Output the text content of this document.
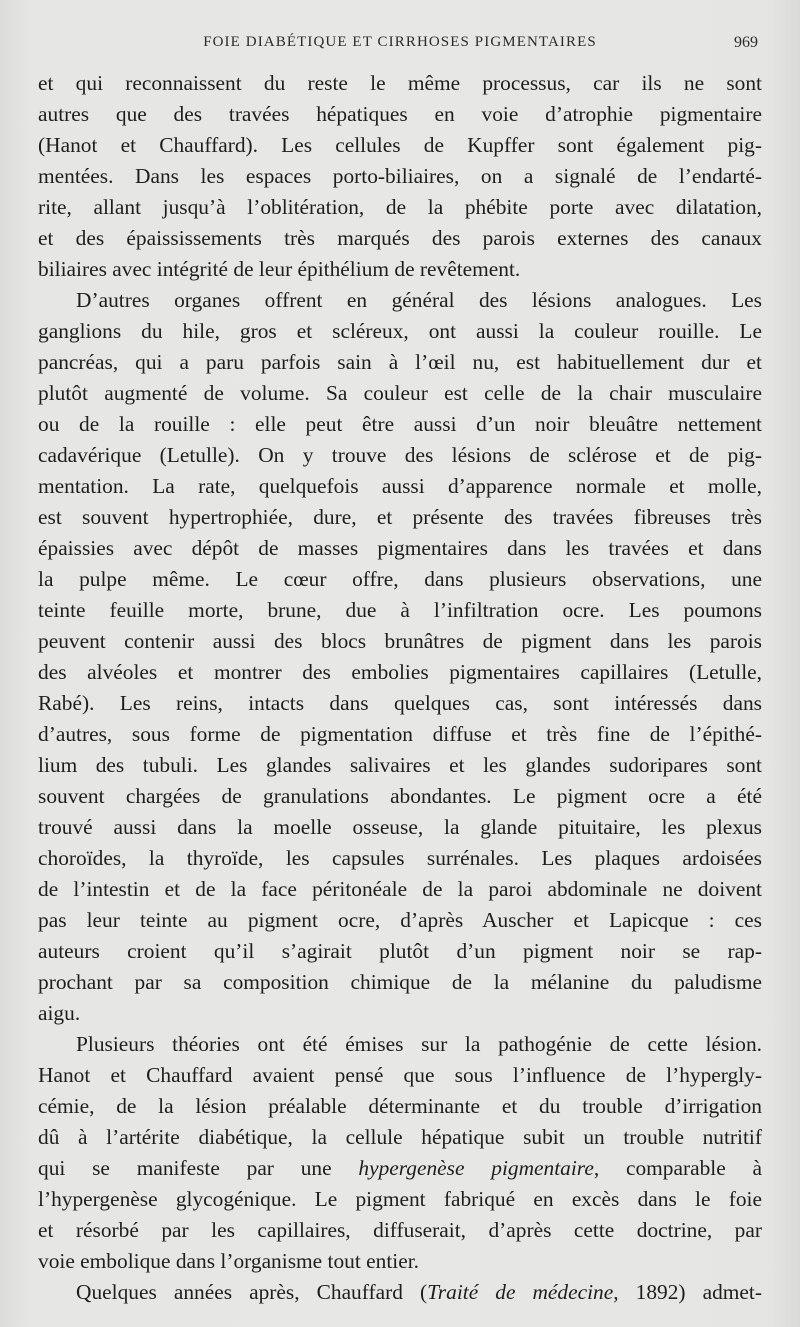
FOIE DIABÉTIQUE ET CIRRHOSES PIGMENTAIRES	969
et qui reconnaissent du reste le même processus, car ils ne sont
autres que des travées hépatiques en voie d’atrophie pigmentaire
(Hanot et Chauffard). Les cellules de Kupffer sont également pig-
mentées. Dans les espaces porto-biliaires, on a signalé de l’endarté-
rite, allant jusqu’à l’oblitération, de la phébite porte avec dilatation,
et des épaississements très marqués des parois externes des canaux
biliaires avec intégrité de leur épithélium de revêtement.
D’autres organes offrent en général des lésions analogues. Les
ganglions du hile, gros et scléreux, ont aussi la couleur rouille. Le
pancréas, qui a paru parfois sain à l’œil nu, est habituellement dur et
plutôt augmenté de volume. Sa couleur est celle de la chair musculaire
ou de la rouille : elle peut être aussi d’un noir bleuâtre nettement
cadavérique (Letulle). On y trouve des lésions de sclérose et de pig-
mentation. La rate, quelquefois aussi d’apparence normale et molle,
est souvent hypertrophiée, dure, et présente des travées fibreuses très
épaissies avec dépôt de masses pigmentaires dans les travées et dans
la pulpe même. Le cœur offre, dans plusieurs observations, une
teinte feuille morte, brune, due à l’infiltration ocre. Les poumons
peuvent contenir aussi des blocs brunâtres de pigment dans les parois
des alvéoles et montrer des embolies pigmentaires capillaires (Letulle,
Rabé). Les reins, intacts dans quelques cas, sont intéressés dans
d’autres, sous forme de pigmentation diffuse et très fine de l’épithé-
lium des tubuli. Les glandes salivaires et les glandes sudoripares sont
souvent chargées de granulations abondantes. Le pigment ocre a été
trouvé aussi dans la moelle osseuse, la glande pituitaire, les plexus
choroïdes, la thyroïde, les capsules surrénales. Les plaques ardoisées
de l’intestin et de la face péritonéale de la paroi abdominale ne doivent
pas leur teinte au pigment ocre, d’après Auscher et Lapicque : ces
auteurs croient qu’il s’agirait plutôt d’un pigment noir se rap-
prochant par sa composition chimique de la mélanine du paludisme
aigu.
Plusieurs théories ont été émises sur la pathogénie de cette lésion.
Hanot et Chauffard avaient pensé que sous l’influence de l’hypergly-
cémie, de la lésion préalable déterminante et du trouble d’irrigation
dû à l’artérite diabétique, la cellule hépatique subit un trouble nutritif
qui se manifeste par une hypergenèse pigmentaire, comparable à
l’hypergenèse glycogénique. Le pigment fabriqué en excès dans le foie
et résorbé par les capillaires, diffuserait, d’après cette doctrine, par
voie embolique dans l’organisme tout entier.
Quelques années après, Chauffard (Traité de médecine, 1892) admet-
